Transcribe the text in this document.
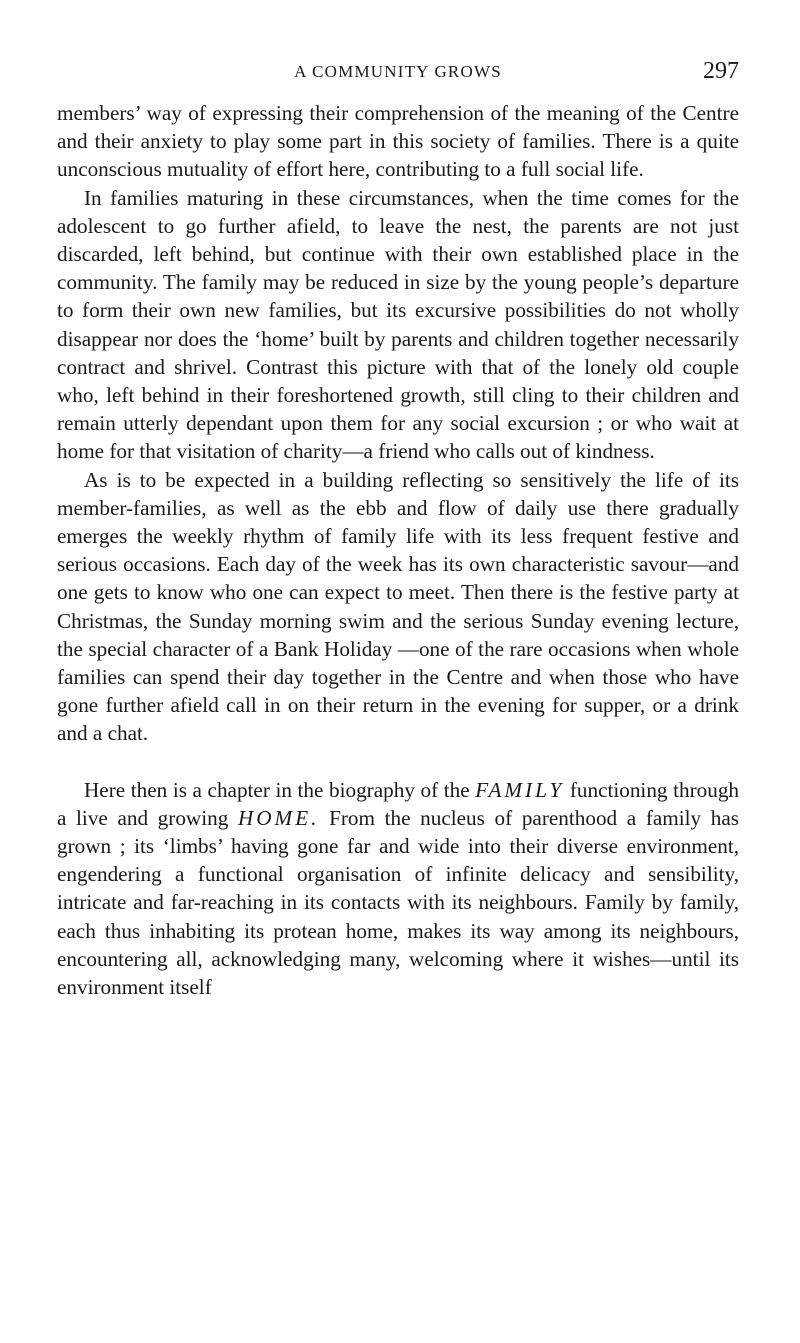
A COMMUNITY GROWS	297

members’ way of expressing their comprehension of the meaning of the Centre and their anxiety to play some part in this society of families. There is a quite unconscious mutuality of effort here, contributing to a full social life.

In families maturing in these circumstances, when the time comes for the adolescent to go further afield, to leave the nest, the parents are not just discarded, left behind, but continue with their own established place in the community. The family may be reduced in size by the young people’s departure to form their own new families, but its excursive possibilities do not wholly disappear nor does the ‘home’ built by parents and children together necessarily contract and shrivel. Contrast this picture with that of the lonely old couple who, left behind in their foreshortened growth, still cling to their children and remain utterly dependant upon them for any social excursion ; or who wait at home for that visitation of charity—a friend who calls out of kindness.

As is to be expected in a building reflecting so sensitively the life of its member-families, as well as the ebb and flow of daily use there gradually emerges the weekly rhythm of family life with its less frequent festive and serious occasions. Each day of the week has its own characteristic savour—and one gets to know who one can expect to meet. Then there is the festive party at Christmas, the Sunday morning swim and the serious Sunday evening lecture, the special character of a Bank Holiday —one of the rare occasions when whole families can spend their day together in the Centre and when those who have gone further afield call in on their return in the evening for supper, or a drink and a chat.

Here then is a chapter in the biography of the FAMILY functioning through a live and growing HOME. From the nucleus of parenthood a family has grown ; its ‘limbs’ having gone far and wide into their diverse environment, engendering a functional organisation of infinite delicacy and sensibility, intricate and far-reaching in its contacts with its neighbours. Family by family, each thus inhabiting its protean home, makes its way among its neighbours, encountering all, acknowledging many, welcoming where it wishes—until its environment itself
